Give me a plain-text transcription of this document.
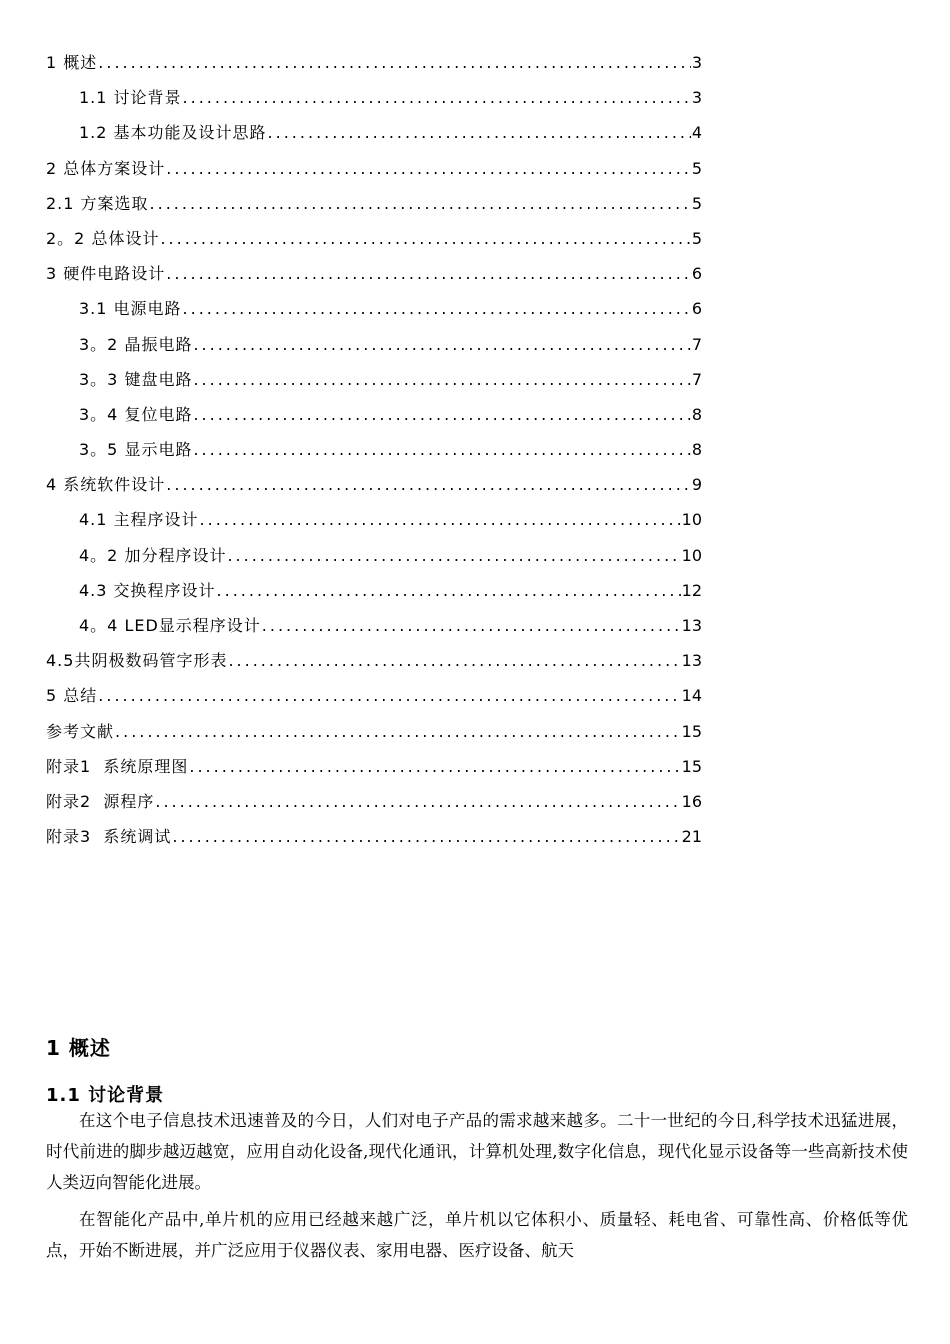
1 概述 .....	3
1.1 讨论背景 .....	3
1.2 基本功能及设计思路 .....	4
2 总体方案设计 .....	5
2.1 方案选取 .....	5
2。2 总体设计 .....	5
3 硬件电路设计 .....	6
3.1 电源电路 .....	6
3。2 晶振电路 .....	7
3。3 键盘电路 .....	7
3。4 复位电路 .....	8
3。5 显示电路 .....	8
4 系统软件设计 .....	9
4.1 主程序设计 .....	10
4。2 加分程序设计 .....	10
4.3 交换程序设计 .....	12
4。4 LED显示程序设计 .....	13
4.5共阴极数码管字形表 .....	13
5 总结 .....	14
参考文献 .....	15
附录1  系统原理图 .....	15
附录2  源程序 .....	16
附录3  系统调试 .....	21
1 概述
1.1 讨论背景

在这个电子信息技术迅速普及的今日，人们对电子产品的需求越来越多。二十一世纪的今日,科学技术迅猛进展，时代前进的脚步越迈越宽，应用自动化设备,现代化通讯，计算机处理,数字化信息，现代化显示设备等一些高新技术使人类迈向智能化进展。

在智能化产品中,单片机的应用已经越来越广泛，单片机以它体积小、质量轻、耗电省、可靠性高、价格低等优点，开始不断进展，并广泛应用于仪器仪表、家用电器、医疗设备、航天
